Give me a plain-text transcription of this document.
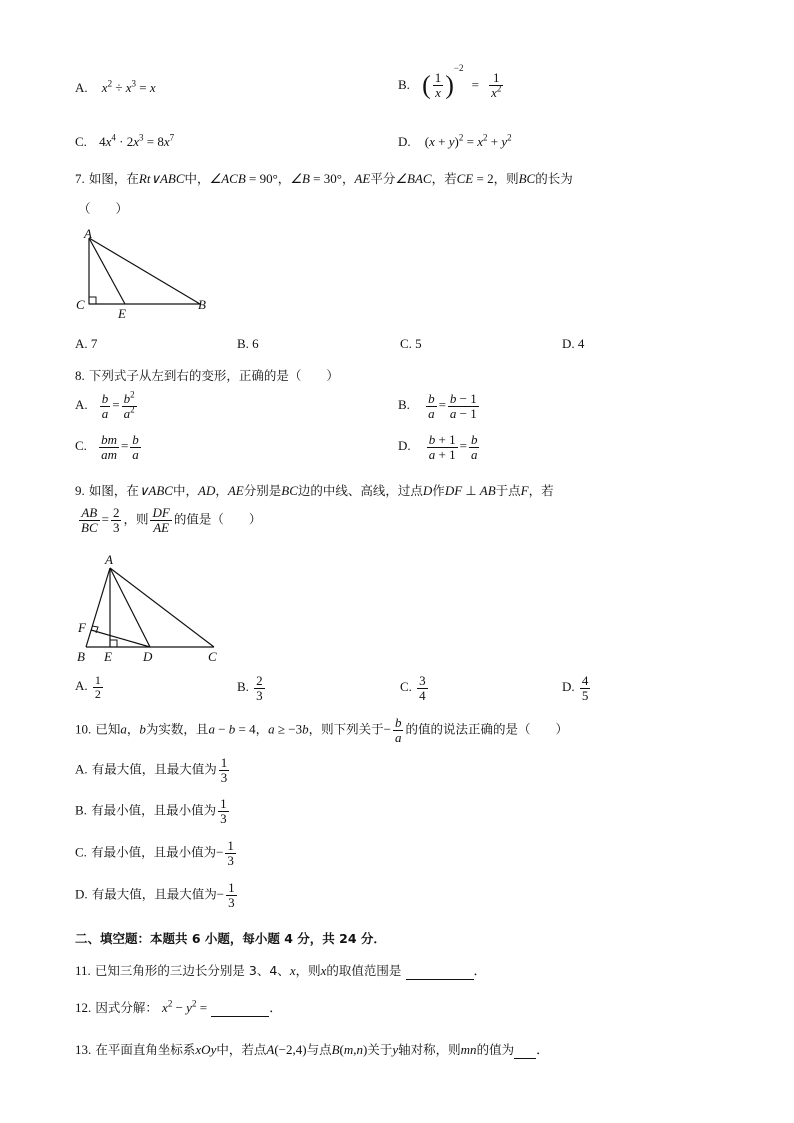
A. $x^2 \div x^3 = x$	B. ( $\frac{1}{x} )^{-2} = \frac{1}{x^2}$
C. $4x^4 \cdot 2x^3 = 8x^7$	D. $(x + y)^2 = x^2 + y^2$
7. 如图，在Rt∨ABC中，∠ACB = 90°，∠B = 30°，AE平分∠BAC，若CE = 2，则BC的长为
（　　）
A
C
E
B
A. 7	B. 6	C. 5	D. 4
8. 下列式子从左到右的变形，正确的是（　　）
A. $\frac{b}{a} = \frac{b^2}{a^2}$	B. $\frac{b}{a} = \frac{b - 1}{a - 1}$
C. $\frac{bm}{am} = \frac{b}{a}$	D. $\frac{b + 1}{a + 1} = \frac{b}{a}$
9. 如图，在∨ABC中，AD，AE分别是BC边的中线、高线，过点D作DF ⊥ AB于点F，若
$\frac{AB}{BC} = \frac{2}{3}$ ，则 $\frac{DF}{AE}$ 的值是（　　）
A
F
B E D	C
A. $\frac{1}{2}$	B. $\frac{2}{3}$	C. $\frac{3}{4}$	D. $\frac{4}{5}$
10. 已知a，b为实数，且a − b = 4，a ≥ −3b，则下列关于− $\frac{b}{a}$ 的值的说法正确的是（　　）
A. 有最大值，且最大值为 $\frac{1}{3}$
B. 有最小值，且最小值为 $\frac{1}{3}$
C. 有最小值，且最小值为− $\frac{1}{3}$
D. 有最大值，且最大值为− $\frac{1}{3}$
二、填空题：本题共 6 小题，每小题 4 分，共 24 分．
11. 已知三角形的三边长分别是 3、4、x，则x的取值范围是	．
12. 因式分解： $x^2 - y^2$ =	．
13. 在平面直角坐标系xOy中，若点A(−2,4)与点B(m,n)关于y轴对称，则mn的值为 ．
